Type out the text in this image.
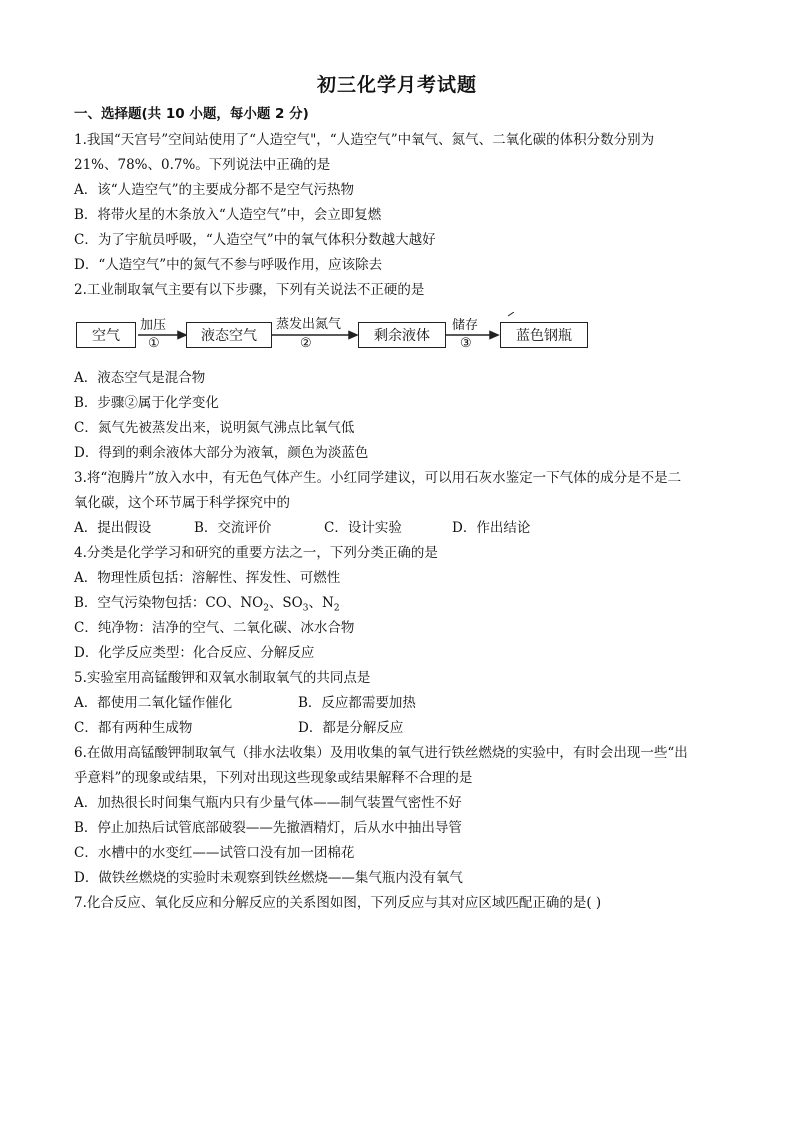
初三化学月考试题
一、选择题(共 10 小题，每小题 2 分)
1.我国“天宫号”空间站使用了“人造空气"，“人造空气”中氧气、氮气、二氧化碳的体积分数分别为
21%、78%、0.7%。下列说法中正确的是
A．该“人造空气”的主要成分都不是空气污热物
B．将带火星的木条放入“人造空气”中，会立即复燃
C．为了宇航员呼吸，“人造空气”中的氧气体积分数越大越好
D．“人造空气”中的氮气不参与呼吸作用，应该除去
2.工业制取氧气主要有以下步骤，下列有关说法不正硬的是
空气	液态空气	剩余液体	蓝色钢瓶
加压
①
蒸发出氮气
②
储存
③
A．液态空气是混合物
B．步骤②属于化学变化
C．氮气先被蒸发出来，说明氮气沸点比氧气低
D．得到的剩余液体大部分为液氧，颜色为淡蓝色
3.将“泡腾片”放入水中，有无色气体产生。小红同学建议，可以用石灰水鉴定一下气体的成分是不是二
氧化碳，这个环节属于科学探究中的
A．提出假设	B．交流评价	C．设计实验	D．作出结论
4.分类是化学学习和研究的重要方法之一，下列分类正确的是
A．物理性质包括：溶解性、挥发性、可燃性
B．空气污染物包括：CO、$NO_2$、$SO_3$、$N_2$
C．纯净物：洁净的空气、二氧化碳、冰水合物
D．化学反应类型：化合反应、分解反应
5.实验室用高锰酸钾和双氧水制取氧气的共同点是
A．都使用二氧化锰作催化	B．反应都需要加热
C．都有两种生成物	D．都是分解反应
6.在做用高锰酸钾制取氧气（排水法收集）及用收集的氧气进行铁丝燃烧的实验中，有时会出现一些“出
乎意料”的现象或结果，下列对出现这些现象或结果解释不合理的是
A．加热很长时间集气瓶内只有少量气体——制气装置气密性不好
B．停止加热后试管底部破裂——先撤酒精灯，后从水中抽出导管
C．水槽中的水变红——试管口没有加一团棉花
D．做铁丝燃烧的实验时未观察到铁丝燃烧——集气瓶内没有氧气
7.化合反应、氧化反应和分解反应的关系图如图，下列反应与其对应区域匹配正确的是( )
